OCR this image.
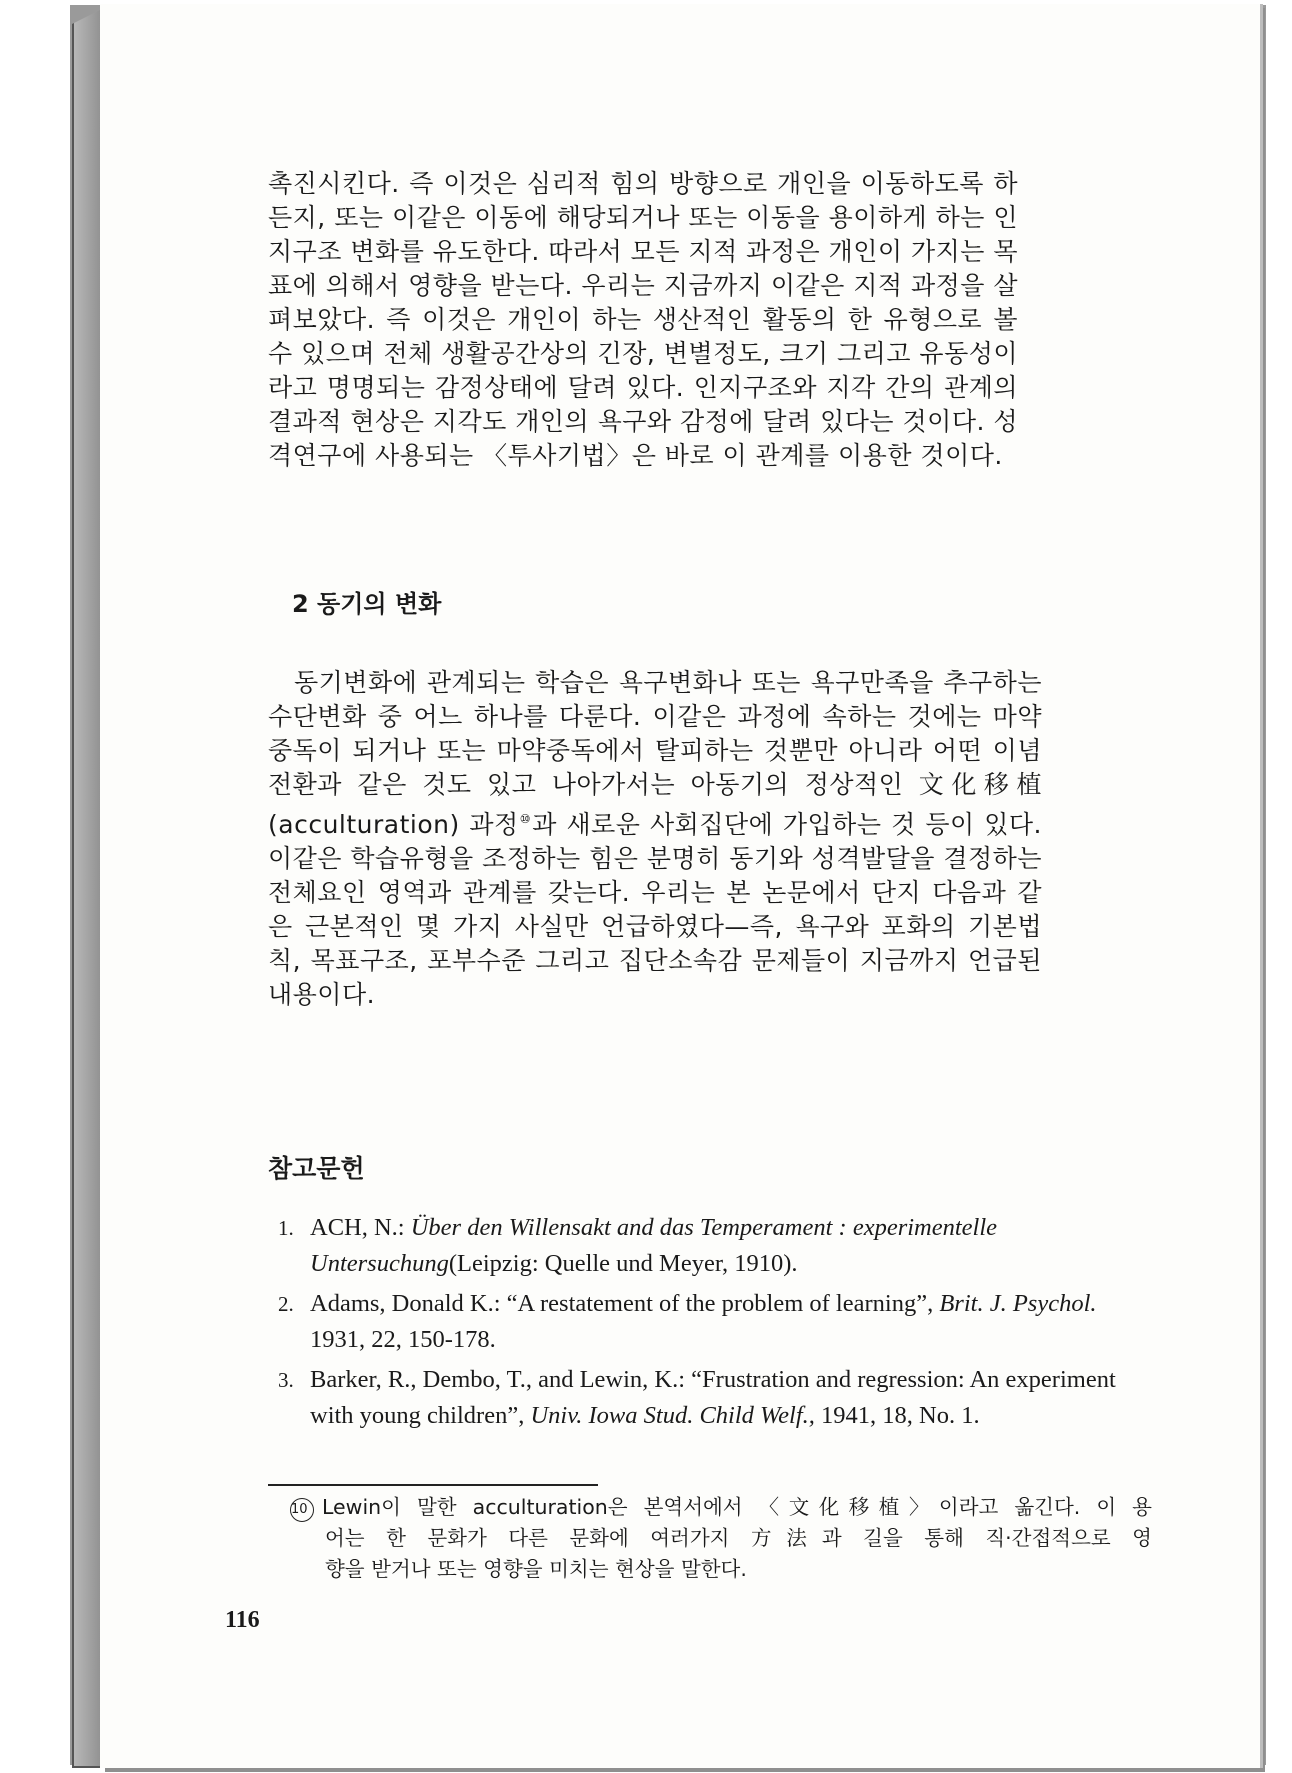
촉진시킨다. 즉 이것은 심리적 힘의 방향으로 개인을 이동하도록 하
든지, 또는 이같은 이동에 해당되거나 또는 이동을 용이하게 하는 인
지구조 변화를 유도한다. 따라서 모든 지적 과정은 개인이 가지는 목
표에 의해서 영향을 받는다. 우리는 지금까지 이같은 지적 과정을 살
펴보았다. 즉 이것은 개인이 하는 생산적인 활동의 한 유형으로 볼
수 있으며 전체 생활공간상의 긴장, 변별정도, 크기 그리고 유동성이
라고 명명되는 감정상태에 달려 있다. 인지구조와 지각 간의 관계의
결과적 현상은 지각도 개인의 욕구와 감정에 달려 있다는 것이다. 성
격연구에 사용되는 〈투사기법〉은 바로 이 관계를 이용한 것이다.
2 동기의 변화
동기변화에 관계되는 학습은 욕구변화나 또는 욕구만족을 추구하는
수단변화 중 어느 하나를 다룬다. 이같은 과정에 속하는 것에는 마약
중독이 되거나 또는 마약중독에서 탈피하는 것뿐만 아니라 어떤 이념
전환과 같은 것도 있고 나아가서는 아동기의 정상적인 文化移植
(acculturation) 과정⑩과 새로운 사회집단에 가입하는 것 등이 있다.
이같은 학습유형을 조정하는 힘은 분명히 동기와 성격발달을 결정하는
전체요인 영역과 관계를 갖는다. 우리는 본 논문에서 단지 다음과 같
은 근본적인 몇 가지 사실만 언급하였다—즉, 욕구와 포화의 기본법
칙, 목표구조, 포부수준 그리고 집단소속감 문제들이 지금까지 언급된
내용이다.
참고문헌
1. ACH, N.: Über den Willensakt and das Temperament : experimentelle Untersuchung(Leipzig: Quelle und Meyer, 1910).
2. Adams, Donald K.: “A restatement of the problem of learning”, Brit. J. Psychol. 1931, 22, 150-178.
3. Barker, R., Dembo, T., and Lewin, K.: “Frustration and regression: An experiment with young children”, Univ. Iowa Stud. Child Welf., 1941, 18, No. 1.
10 Lewin이 말한 acculturation은 본역서에서 〈文化移植〉이라고 옮긴다. 이 용
어는 한 문화가 다른 문화에 여러가지 方法과 길을 통해 직·간접적으로 영
향을 받거나 또는 영향을 미치는 현상을 말한다.
116
